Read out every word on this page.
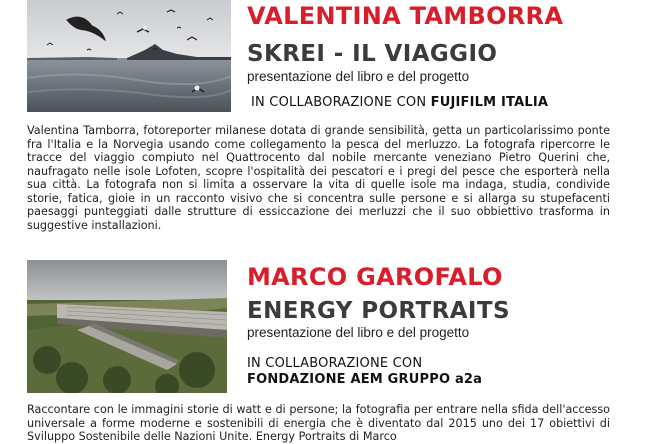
VALENTINA TAMBORRA
SKREI - IL VIAGGIO

presentazione del libro e del progetto

IN COLLABORAZIONE CON FUJIFILM ITALIA

Valentina Tamborra, fotoreporter milanese dotata di grande sensibilità, getta un particolarissimo ponte fra l'Italia e la Norvegia usando come collegamento la pesca del merluzzo. La fotografa ripercorre le tracce del viaggio compiuto nel Quattrocento dal nobile mercante veneziano Pietro Querini che, naufragato nelle isole Lofoten, scopre l'ospitalità dei pescatori e i pregi del pesce che esporterà nella sua città. La fotografa non si limita a osservare la vita di quelle isole ma indaga, studia, condivide storie, fatica, gioie in un racconto visivo che si concentra sulle persone e si allarga su stupefacenti paesaggi punteggiati dalle strutture di essiccazione dei merluzzi che il suo obbiettivo trasforma in suggestive installazioni.

MARCO GAROFALO
ENERGY PORTRAITS

presentazione del libro e del progetto

IN COLLABORAZIONE CON

FONDAZIONE AEM GRUPPO a2a

Raccontare con le immagini storie di watt e di persone; la fotografia per entrare nella sfida dell'accesso universale a forme moderne e sostenibili di energia che è diventato dal 2015 uno dei 17 obiettivi di Sviluppo Sostenibile delle Nazioni Unite. Energy Portraits di Marco
